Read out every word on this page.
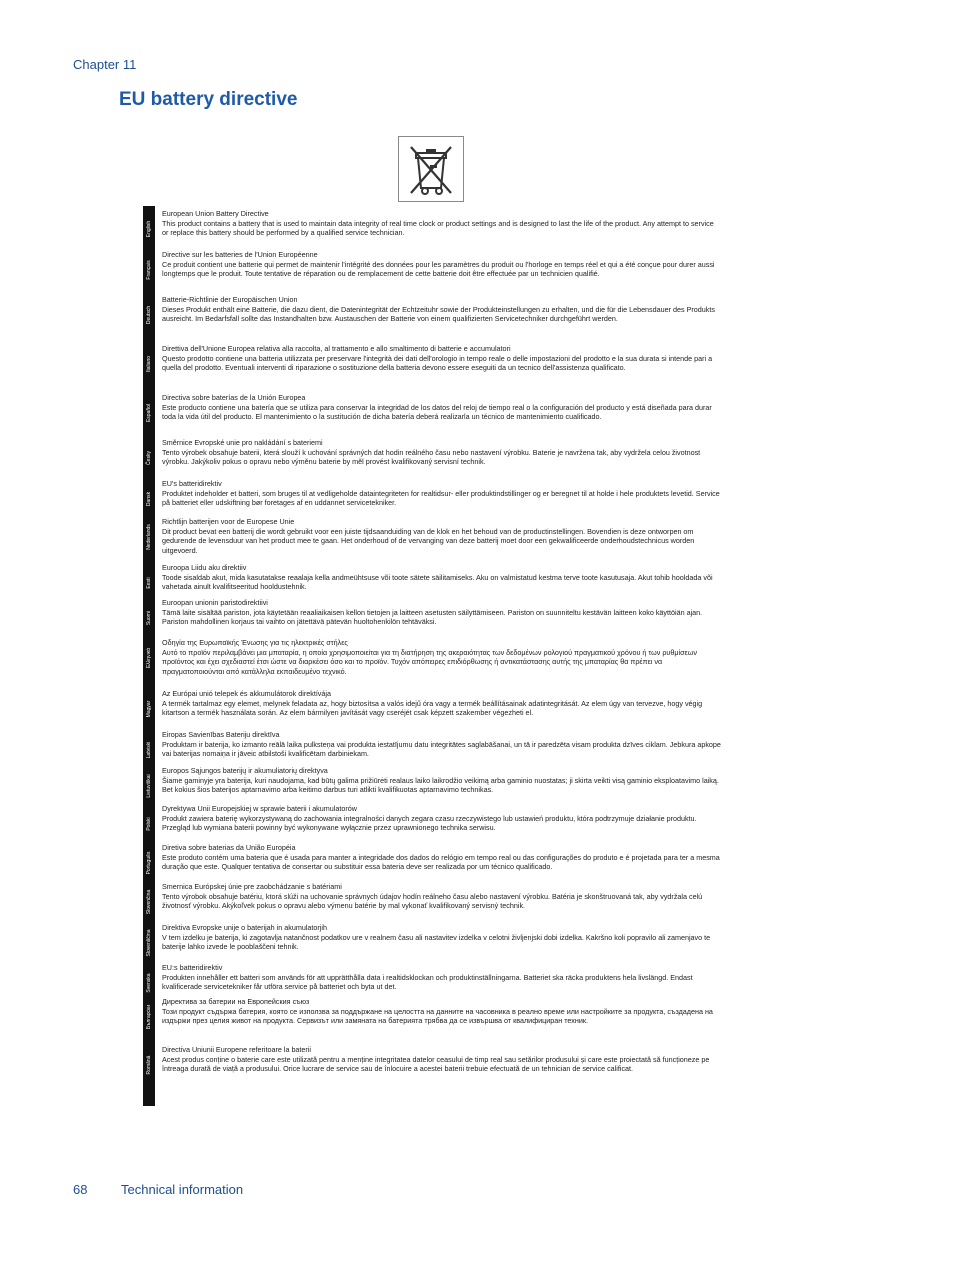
Chapter 11
EU battery directive
English
Français
Deutsch
Italiano
Español
Česky
Dansk
Nederlands
Eesti
Suomi
Ελληνικά
Magyar
Latviski
Lietuviškai
Polski
Português
Slovenčina
Slovenščina
Svenska
Български
Română
European Union Battery Directive
This product contains a battery that is used to maintain data integrity of real time clock or product settings and is designed to last the life of the product. Any attempt to service or replace this battery should be performed by a qualified service technician.
Directive sur les batteries de l'Union Européenne
Ce produit contient une batterie qui permet de maintenir l'intégrité des données pour les paramètres du produit ou l'horloge en temps réel et qui a été conçue pour durer aussi longtemps que le produit. Toute tentative de réparation ou de remplacement de cette batterie doit être effectuée par un technicien qualifié.
Batterie-Richtlinie der Europäischen Union
Dieses Produkt enthält eine Batterie, die dazu dient, die Datenintegrität der Echtzeituhr sowie der Produkteinstellungen zu erhalten, und die für die Lebensdauer des Produkts ausreicht. Im Bedarfsfall sollte das Instandhalten bzw. Austauschen der Batterie von einem qualifizierten Servicetechniker durchgeführt werden.
Direttiva dell'Unione Europea relativa alla raccolta, al trattamento e allo smaltimento di batterie e accumulatori
Questo prodotto contiene una batteria utilizzata per preservare l'integrità dei dati dell'orologio in tempo reale o delle impostazioni del prodotto e la sua durata si intende pari a quella del prodotto. Eventuali interventi di riparazione o sostituzione della batteria devono essere eseguiti da un tecnico dell'assistenza qualificato.
Directiva sobre baterías de la Unión Europea
Este producto contiene una batería que se utiliza para conservar la integridad de los datos del reloj de tiempo real o la configuración del producto y está diseñada para durar toda la vida útil del producto. El mantenimiento o la sustitución de dicha batería deberá realizarla un técnico de mantenimiento cualificado.
Směrnice Evropské unie pro nakládání s bateriemi
Tento výrobek obsahuje baterii, která slouží k uchování správných dat hodin reálného času nebo nastavení výrobku. Baterie je navržena tak, aby vydržela celou životnost výrobku. Jakýkoliv pokus o opravu nebo výměnu baterie by měl provést kvalifikovaný servisní technik.
EU's batteridirektiv
Produktet indeholder et batteri, som bruges til at vedligeholde dataintegriteten for realtidsur- eller produktindstillinger og er beregnet til at holde i hele produktets levetid. Service på batteriet eller udskiftning bør foretages af en uddannet servicetekniker.
Richtlijn batterijen voor de Europese Unie
Dit product bevat een batterij die wordt gebruikt voor een juiste tijdsaanduiding van de klok en het behoud van de productinstellingen. Bovendien is deze ontworpen om gedurende de levensduur van het product mee te gaan. Het onderhoud of de vervanging van deze batterij moet door een gekwalificeerde onderhoudstechnicus worden uitgevoerd.
Euroopa Liidu aku direktiiv
Toode sisaldab akut, mida kasutatakse reaalaja kella andmeühtsuse või toote sätete säilitamiseks. Aku on valmistatud kestma terve toote kasutusaja. Akut tohib hooldada või vahetada ainult kvalifitseeritud hooldustehnik.
Euroopan unionin paristodirektiivi
Tämä laite sisältää pariston, jota käytetään reaaliaikaisen kellon tietojen ja laitteen asetusten säilyttämiseen. Pariston on suunniteltu kestävän laitteen koko käyttöiän ajan. Pariston mahdollinen korjaus tai vaihto on jätettävä pätevän huoltohenkilön tehtäväksi.
Οδηγία της Ευρωπαϊκής Ένωσης για τις ηλεκτρικές στήλες
Αυτό το προϊόν περιλαμβάνει μια μπαταρία, η οποία χρησιμοποιείται για τη διατήρηση της ακεραιότητας των δεδομένων ρολογιού πραγματικού χρόνου ή των ρυθμίσεων προϊόντος και έχει σχεδιαστεί έτσι ώστε να διαρκέσει όσο και το προϊόν. Τυχόν απόπειρες επιδιόρθωσης ή αντικατάστασης αυτής της μπαταρίας θα πρέπει να πραγματοποιούνται από κατάλληλα εκπαιδευμένο τεχνικό.
Az Európai unió telepek és akkumulátorok direktívája
A termék tartalmaz egy elemet, melynek feladata az, hogy biztosítsa a valós idejű óra vagy a termék beállításainak adatintegritását. Az elem úgy van tervezve, hogy végig kitartson a termék használata során. Az elem bármilyen javítását vagy cseréjét csak képzett szakember végezheti el.
Eiropas Savienības Bateriju direktīva
Produktam ir baterija, ko izmanto reālā laika pulksteņa vai produkta iestatījumu datu integritātes saglabāšanai, un tā ir paredzēta visam produkta dzīves ciklam. Jebkura apkope vai baterijas nomaiņa ir jāveic atbilstoši kvalificētam darbiniekam.
Europos Sąjungos baterijų ir akumuliatorių direktyva
Šiame gaminyje yra baterija, kuri naudojama, kad būtų galima prižiūrėti realaus laiko laikrodžio veikimą arba gaminio nuostatas; ji skirta veikti visą gaminio eksploatavimo laiką. Bet kokius šios baterijos aptarnavimo arba keitimo darbus turi atlikti kvalifikuotas aptarnavimo technikas.
Dyrektywa Unii Europejskiej w sprawie baterii i akumulatorów
Produkt zawiera baterię wykorzystywaną do zachowania integralności danych zegara czasu rzeczywistego lub ustawień produktu, która podtrzymuje działanie produktu. Przegląd lub wymiana baterii powinny być wykonywane wyłącznie przez uprawnionego technika serwisu.
Diretiva sobre baterias da União Européia
Este produto contém uma bateria que é usada para manter a integridade dos dados do relógio em tempo real ou das configurações do produto e é projetada para ter a mesma duração que este. Qualquer tentativa de consertar ou substituir essa bateria deve ser realizada por um técnico qualificado.
Smernica Európskej únie pre zaobchádzanie s batériami
Tento výrobok obsahuje batériu, ktorá slúži na uchovanie správnych údajov hodín reálneho času alebo nastavení výrobku. Batéria je skonštruovaná tak, aby vydržala celú životnosť výrobku. Akýkoľvek pokus o opravu alebo výmenu batérie by mal vykonať kvalifikovaný servisný technik.
Direktiva Evropske unije o baterijah in akumulatorjih
V tem izdelku je baterija, ki zagotavlja natančnost podatkov ure v realnem času ali nastavitev izdelka v celotni življenjski dobi izdelka. Kakršno koli popravilo ali zamenjavo te baterije lahko izvede le pooblaščeni tehnik.
EU:s batteridirektiv
Produkten innehåller ett batteri som används för att upprätthålla data i realtidsklockan och produktinställningarna. Batteriet ska räcka produktens hela livslängd. Endast kvalificerade servicetekniker får utföra service på batteriet och byta ut det.
Директива за батерии на Европейския съюз
Този продукт съдържа батерия, която се използва за поддържане на целостта на данните на часовника в реално време или настройките за продукта, създадена на издържи през целия живот на продукта. Сервизът или замяната на батерията трябва да се извършва от квалифициран техник.
Directiva Uniunii Europene referitoare la baterii
Acest produs conține o baterie care este utilizată pentru a menține integritatea datelor ceasului de timp real sau setărilor produsului și care este proiectată să funcționeze pe întreaga durată de viață a produsului. Orice lucrare de service sau de înlocuire a acestei baterii trebuie efectuată de un tehnician de service calificat.
68	Technical information
